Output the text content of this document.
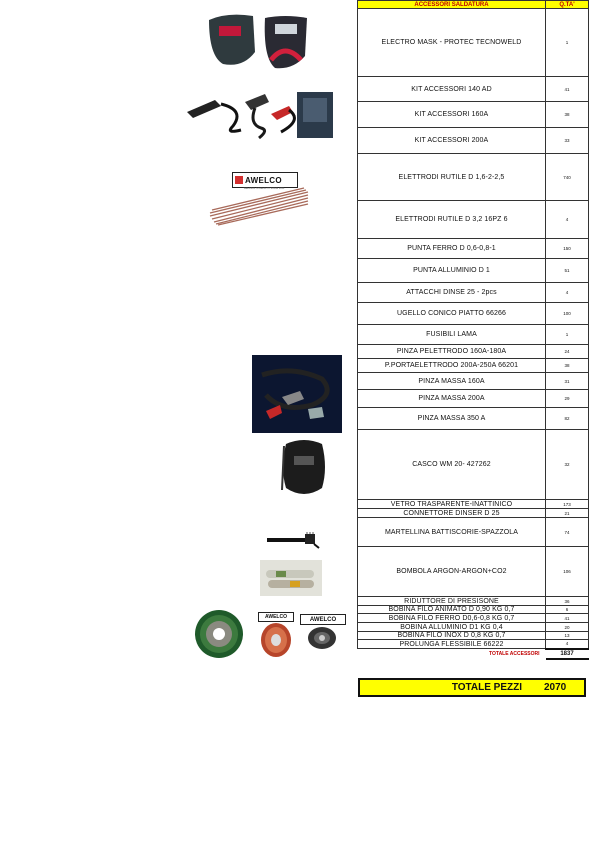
AWELCO
WELDING STRENGTH SINCE 1951
AWELCO	AWELCO
ACCESSORI SALDATURA	Q.TA'
ELECTRO MASK - PROTEC TECNOWELD	1
KIT ACCESSORI 140 AD	41
KIT ACCESSORI 160A	38
KIT ACCESSORI 200A	33
ELETTRODI RUTILE D 1,6-2-2,5	740
ELETTRODI RUTILE D 3,2 16PZ 6	4
PUNTA FERRO D 0,6-0,8-1	150
PUNTA ALLUMINIO D 1	51
ATTACCHI DINSE 25 - 2pcs	4
UGELLO CONICO PIATTO 66266	100
FUSIBILI LAMA	1
PINZA PELETTRODO 160A-180A	24
P.PORTAELETTRODO 200A-250A 66201	38
PINZA MASSA 160A	31
PINZA MASSA 200A	29
PINZA MASSA 350 A	82
CASCO WM 20- 427262	32
VETRO TRASPARENTE-INATTINICO	173
CONNETTORE DINSER D 25	21
MARTELLINA BATTISCORIE-SPAZZOLA	74
BOMBOLA ARGON-ARGON+CO2	106
RIDUTTORE DI PRESISONE	36
BOBINA FILO ANIMATO D 0,90 KG 0,7	6
BOBINA FILO FERRO D0,6-0,8 KG 0,7	41
BOBINA ALLUMINIO D1 KG 0,4	20
BOBINA FILO INOX D 0,8 KG 0,7	13
PROLUNGA FLESSIBILE 66222	4
TOTALE ACCESSORI	1837
TOTALE PEZZI	2070
